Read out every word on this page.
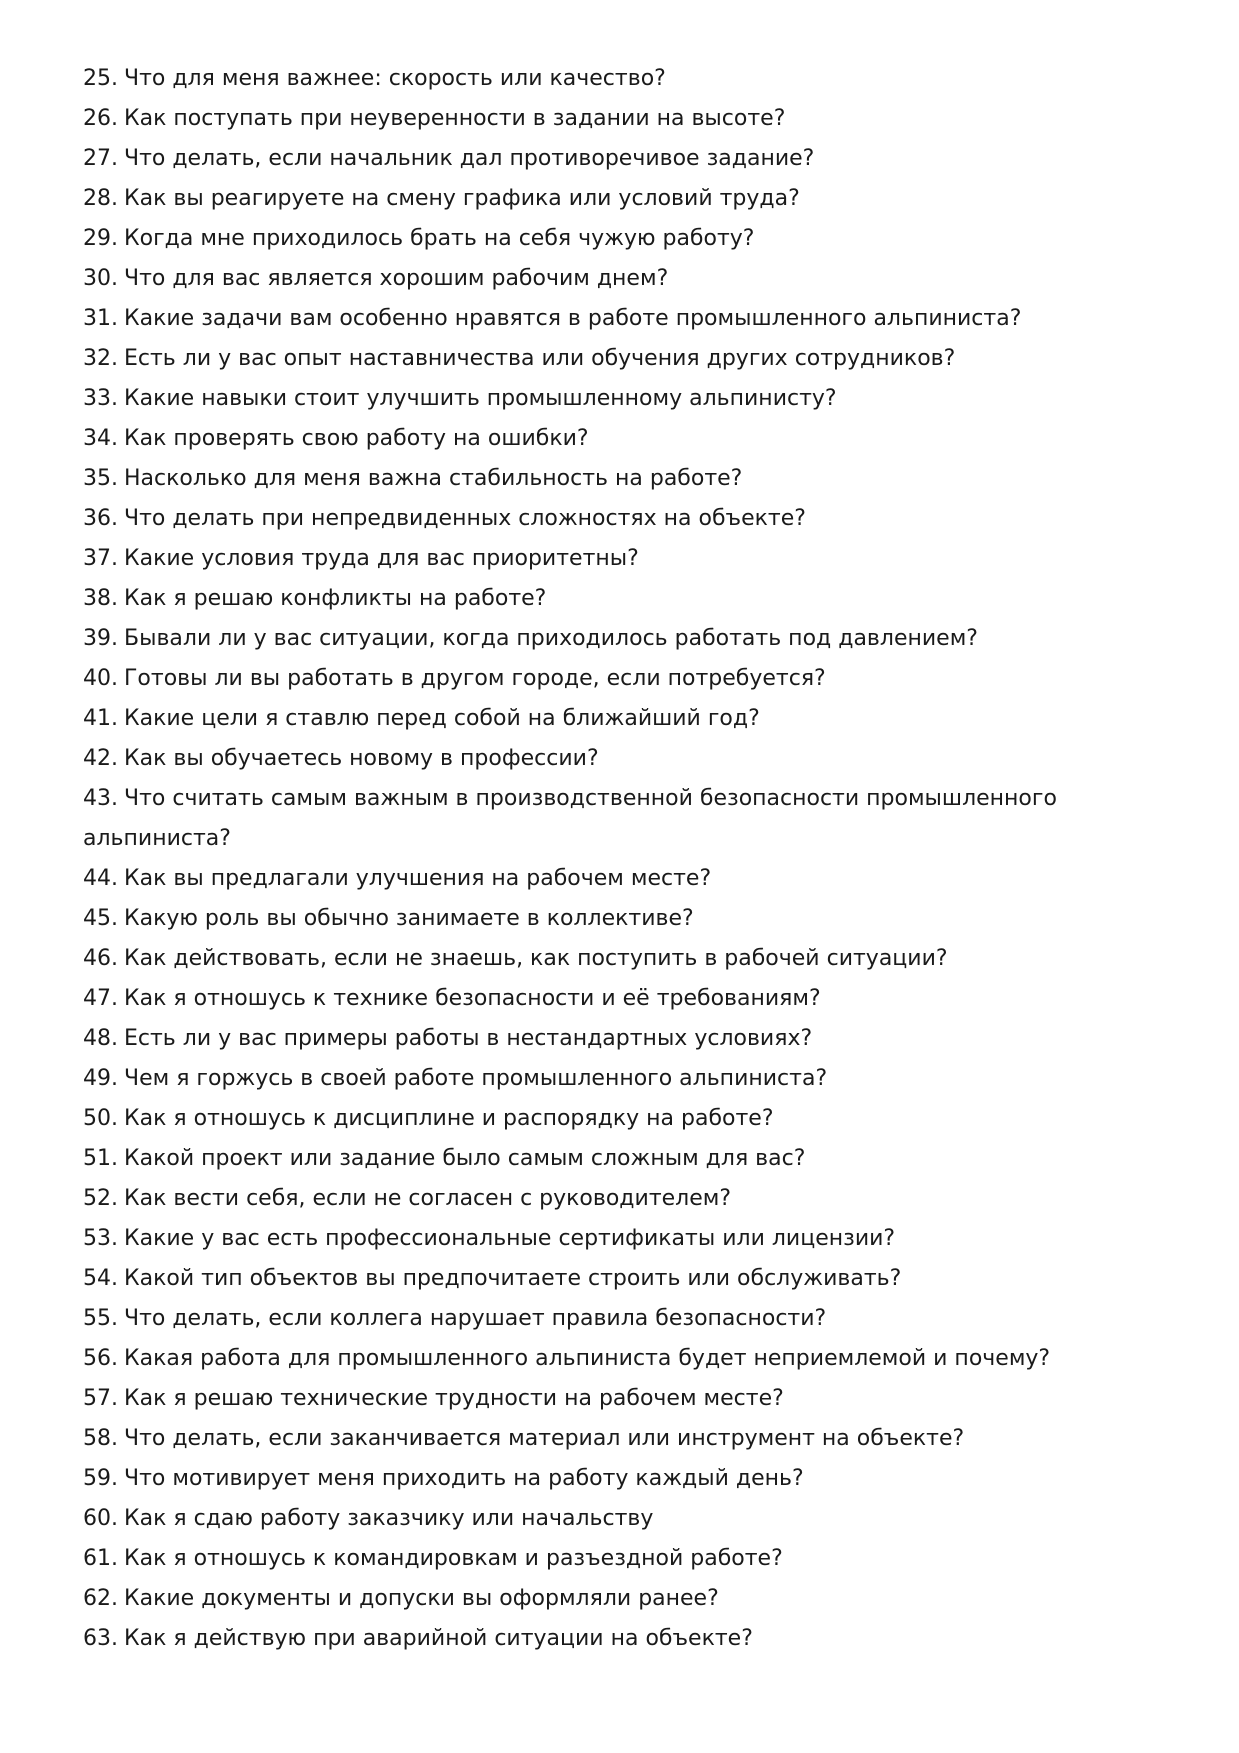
25. Что для меня важнее: скорость или качество?
26. Как поступать при неуверенности в задании на высоте?
27. Что делать, если начальник дал противоречивое задание?
28. Как вы реагируете на смену графика или условий труда?
29. Когда мне приходилось брать на себя чужую работу?
30. Что для вас является хорошим рабочим днем?
31. Какие задачи вам особенно нравятся в работе промышленного альпиниста?
32. Есть ли у вас опыт наставничества или обучения других сотрудников?
33. Какие навыки стоит улучшить промышленному альпинисту?
34. Как проверять свою работу на ошибки?
35. Насколько для меня важна стабильность на работе?
36. Что делать при непредвиденных сложностях на объекте?
37. Какие условия труда для вас приоритетны?
38. Как я решаю конфликты на работе?
39. Бывали ли у вас ситуации, когда приходилось работать под давлением?
40. Готовы ли вы работать в другом городе, если потребуется?
41. Какие цели я ставлю перед собой на ближайший год?
42. Как вы обучаетесь новому в профессии?
43. Что считать самым важным в производственной безопасности промышленного альпиниста?
44. Как вы предлагали улучшения на рабочем месте?
45. Какую роль вы обычно занимаете в коллективе?
46. Как действовать, если не знаешь, как поступить в рабочей ситуации?
47. Как я отношусь к технике безопасности и её требованиям?
48. Есть ли у вас примеры работы в нестандартных условиях?
49. Чем я горжусь в своей работе промышленного альпиниста?
50. Как я отношусь к дисциплине и распорядку на работе?
51. Какой проект или задание было самым сложным для вас?
52. Как вести себя, если не согласен с руководителем?
53. Какие у вас есть профессиональные сертификаты или лицензии?
54. Какой тип объектов вы предпочитаете строить или обслуживать?
55. Что делать, если коллега нарушает правила безопасности?
56. Какая работа для промышленного альпиниста будет неприемлемой и почему?
57. Как я решаю технические трудности на рабочем месте?
58. Что делать, если заканчивается материал или инструмент на объекте?
59. Что мотивирует меня приходить на работу каждый день?
60. Как я сдаю работу заказчику или начальству
61. Как я отношусь к командировкам и разъездной работе?
62. Какие документы и допуски вы оформляли ранее?
63. Как я действую при аварийной ситуации на объекте?
